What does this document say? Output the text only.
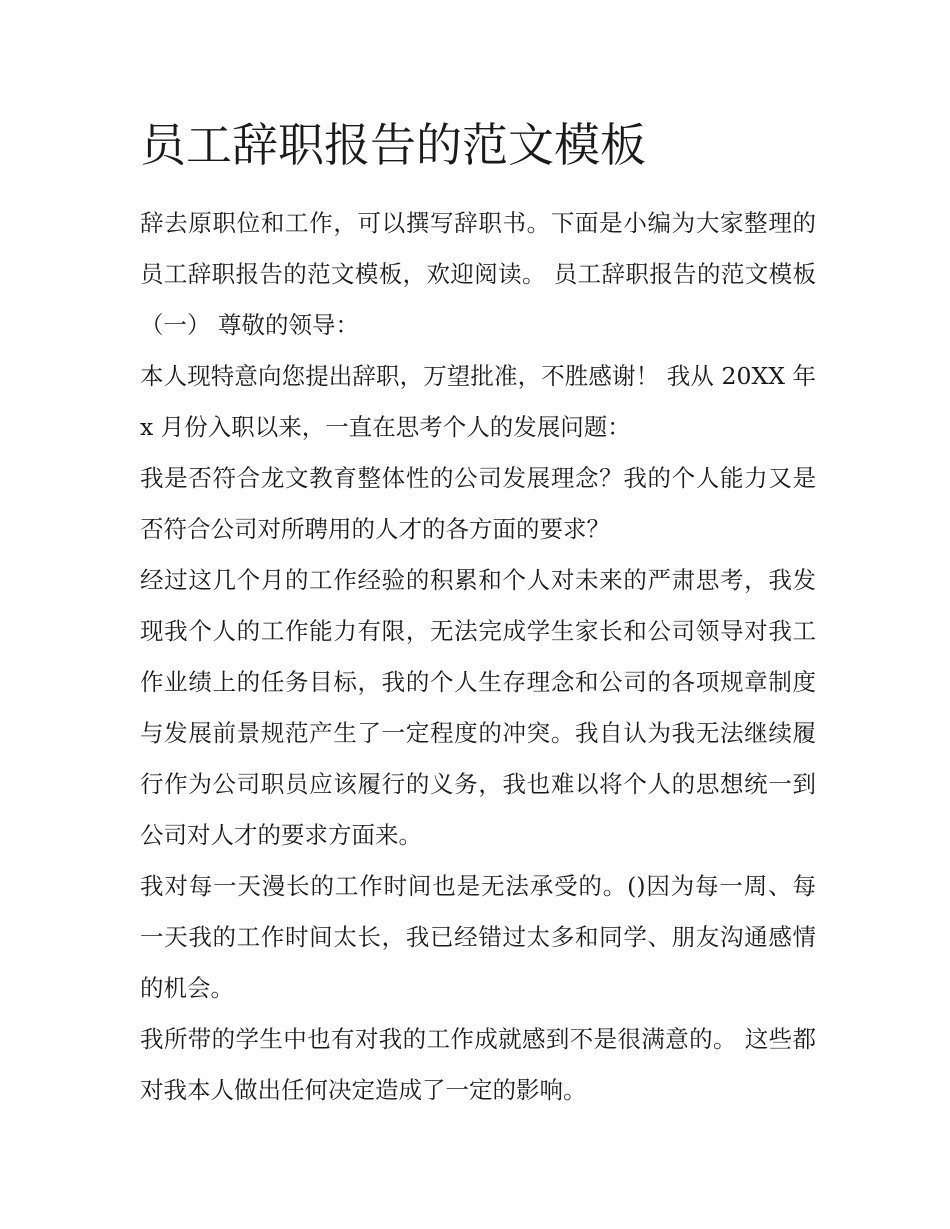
员工辞职报告的范文模板

辞去原职位和工作，可以撰写辞职书。下面是小编为大家整理的员工辞职报告的范文模板，欢迎阅读。 员工辞职报告的范文模板（一） 尊敬的领导：

本人现特意向您提出辞职，万望批准，不胜感谢！ 我从 20XX 年 x 月份入职以来，一直在思考个人的发展问题：

我是否符合龙文教育整体性的公司发展理念？我的个人能力又是否符合公司对所聘用的人才的各方面的要求？

经过这几个月的工作经验的积累和个人对未来的严肃思考，我发现我个人的工作能力有限，无法完成学生家长和公司领导对我工作业绩上的任务目标，我的个人生存理念和公司的各项规章制度与发展前景规范产生了一定程度的冲突。我自认为我无法继续履行作为公司职员应该履行的义务，我也难以将个人的思想统一到公司对人才的要求方面来。

我对每一天漫长的工作时间也是无法承受的。()因为每一周、每一天我的工作时间太长，我已经错过太多和同学、朋友沟通感情的机会。

我所带的学生中也有对我的工作成就感到不是很满意的。 这些都对我本人做出任何决定造成了一定的影响。
